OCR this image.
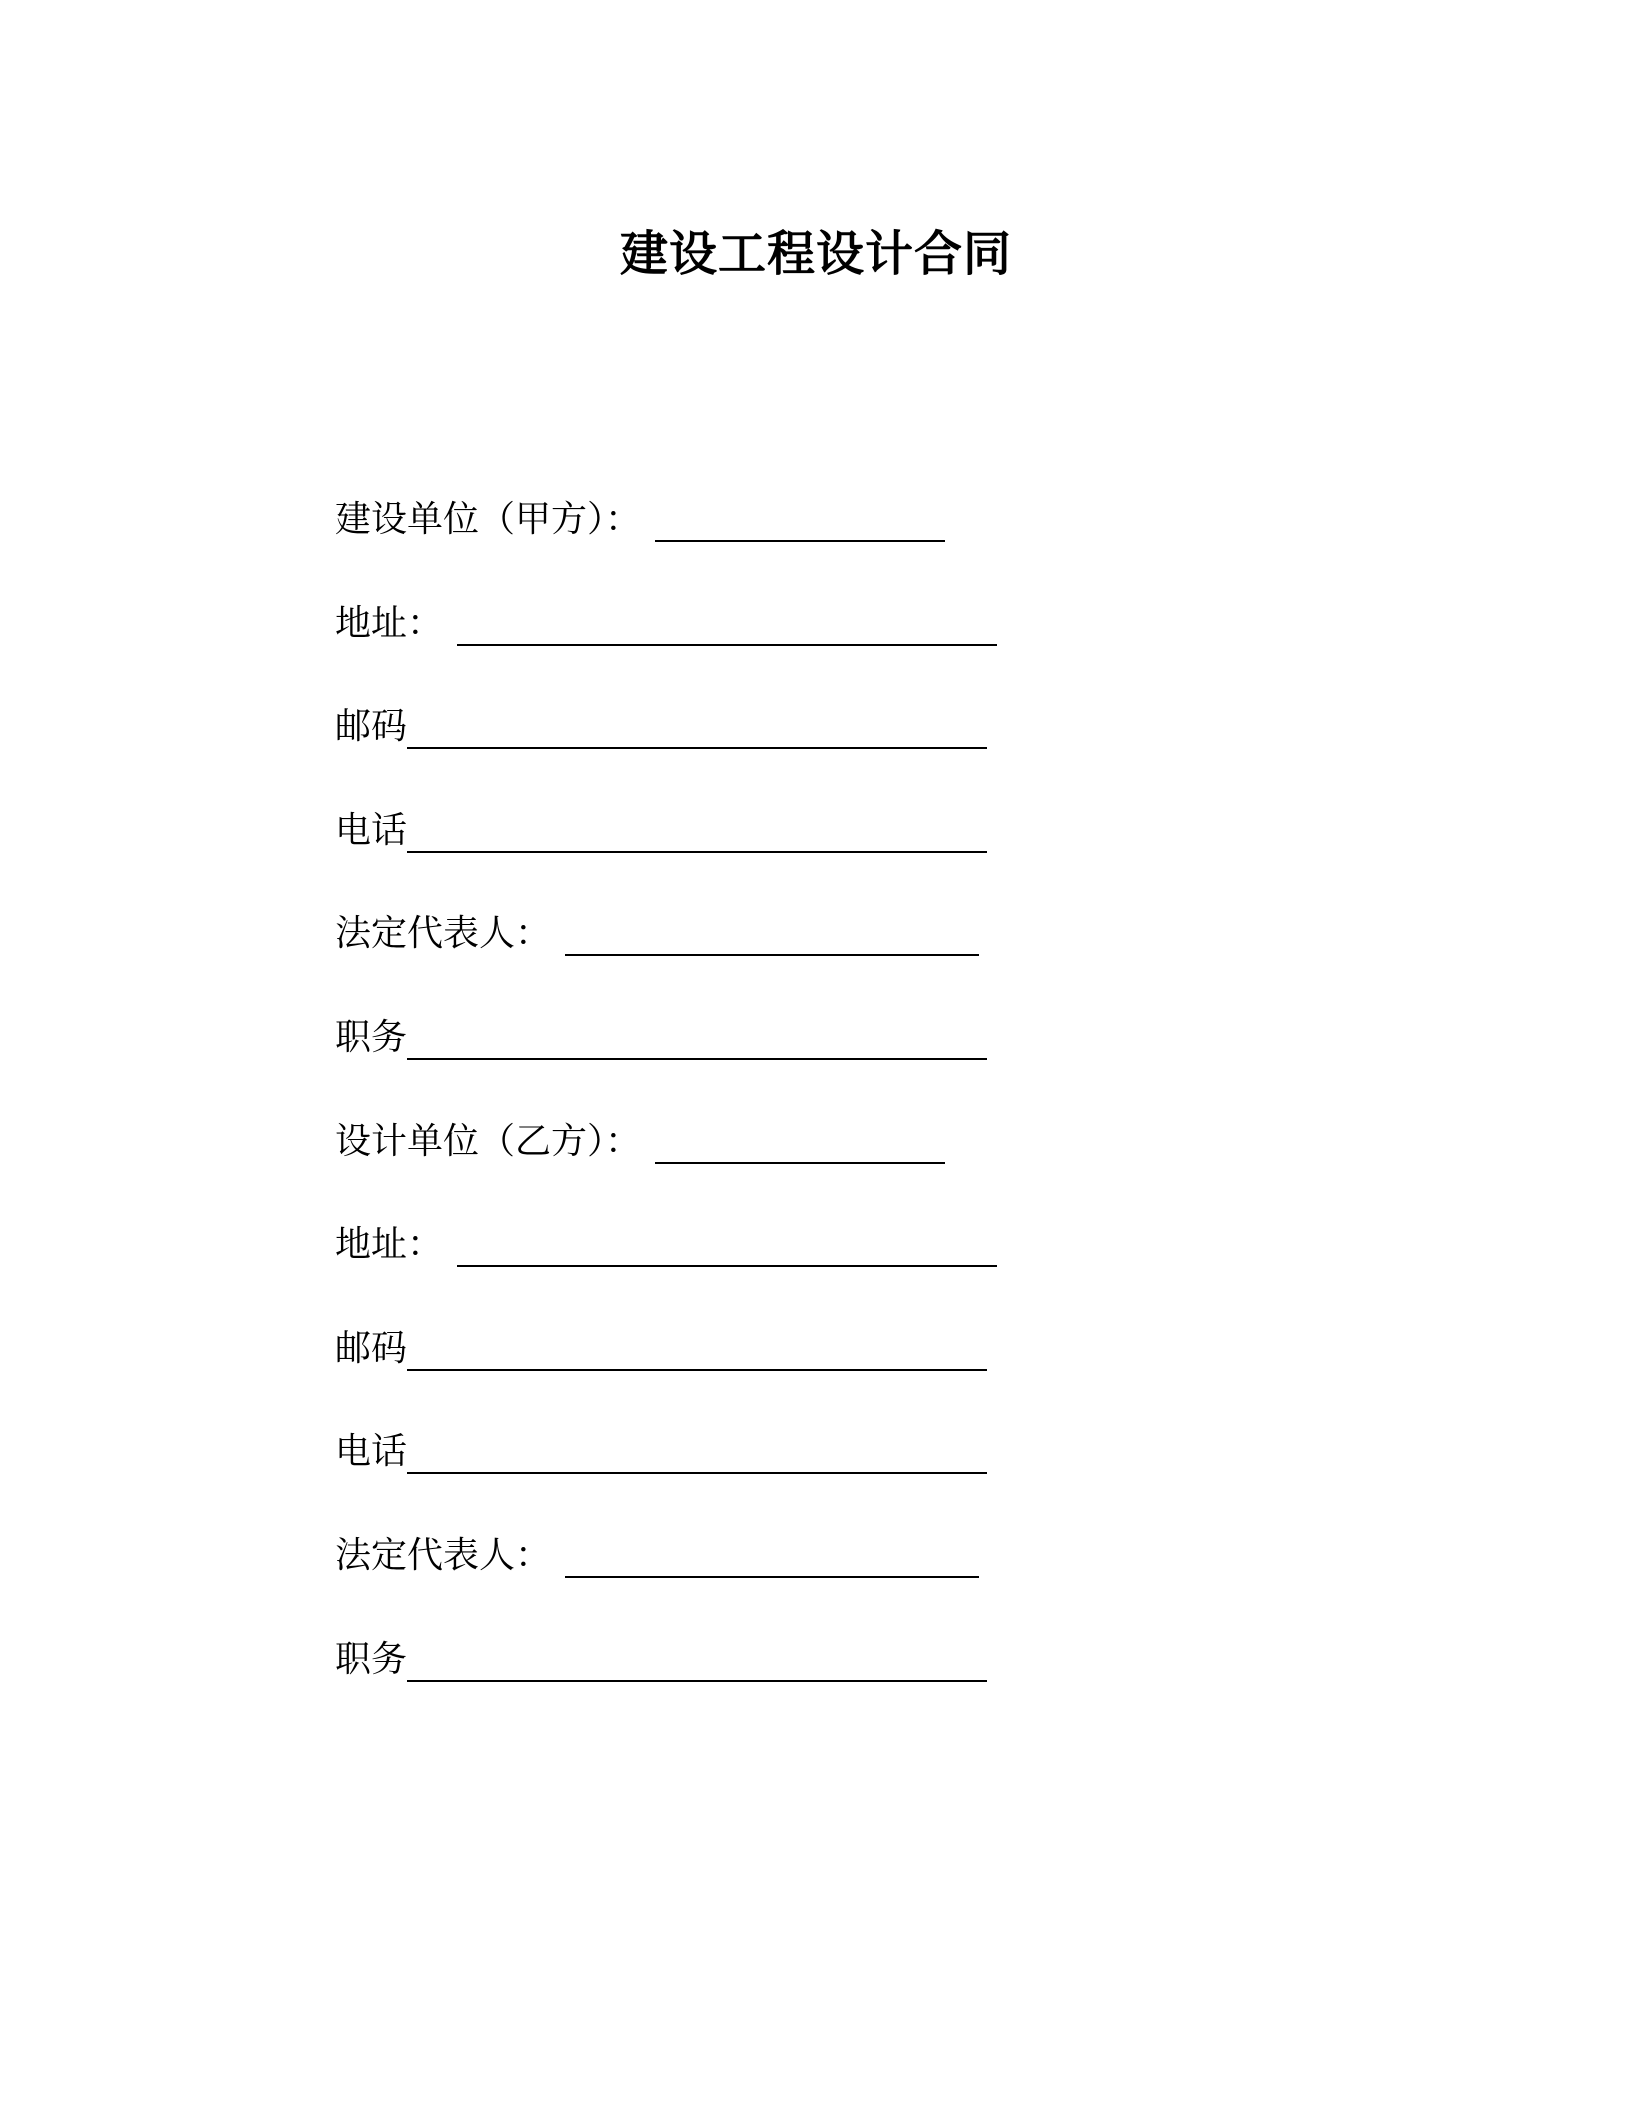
建设工程设计合同
建设单位（甲方）：
地址：
邮码
电话
法定代表人：
职务
设计单位（乙方）：
地址：
邮码
电话
法定代表人：
职务
